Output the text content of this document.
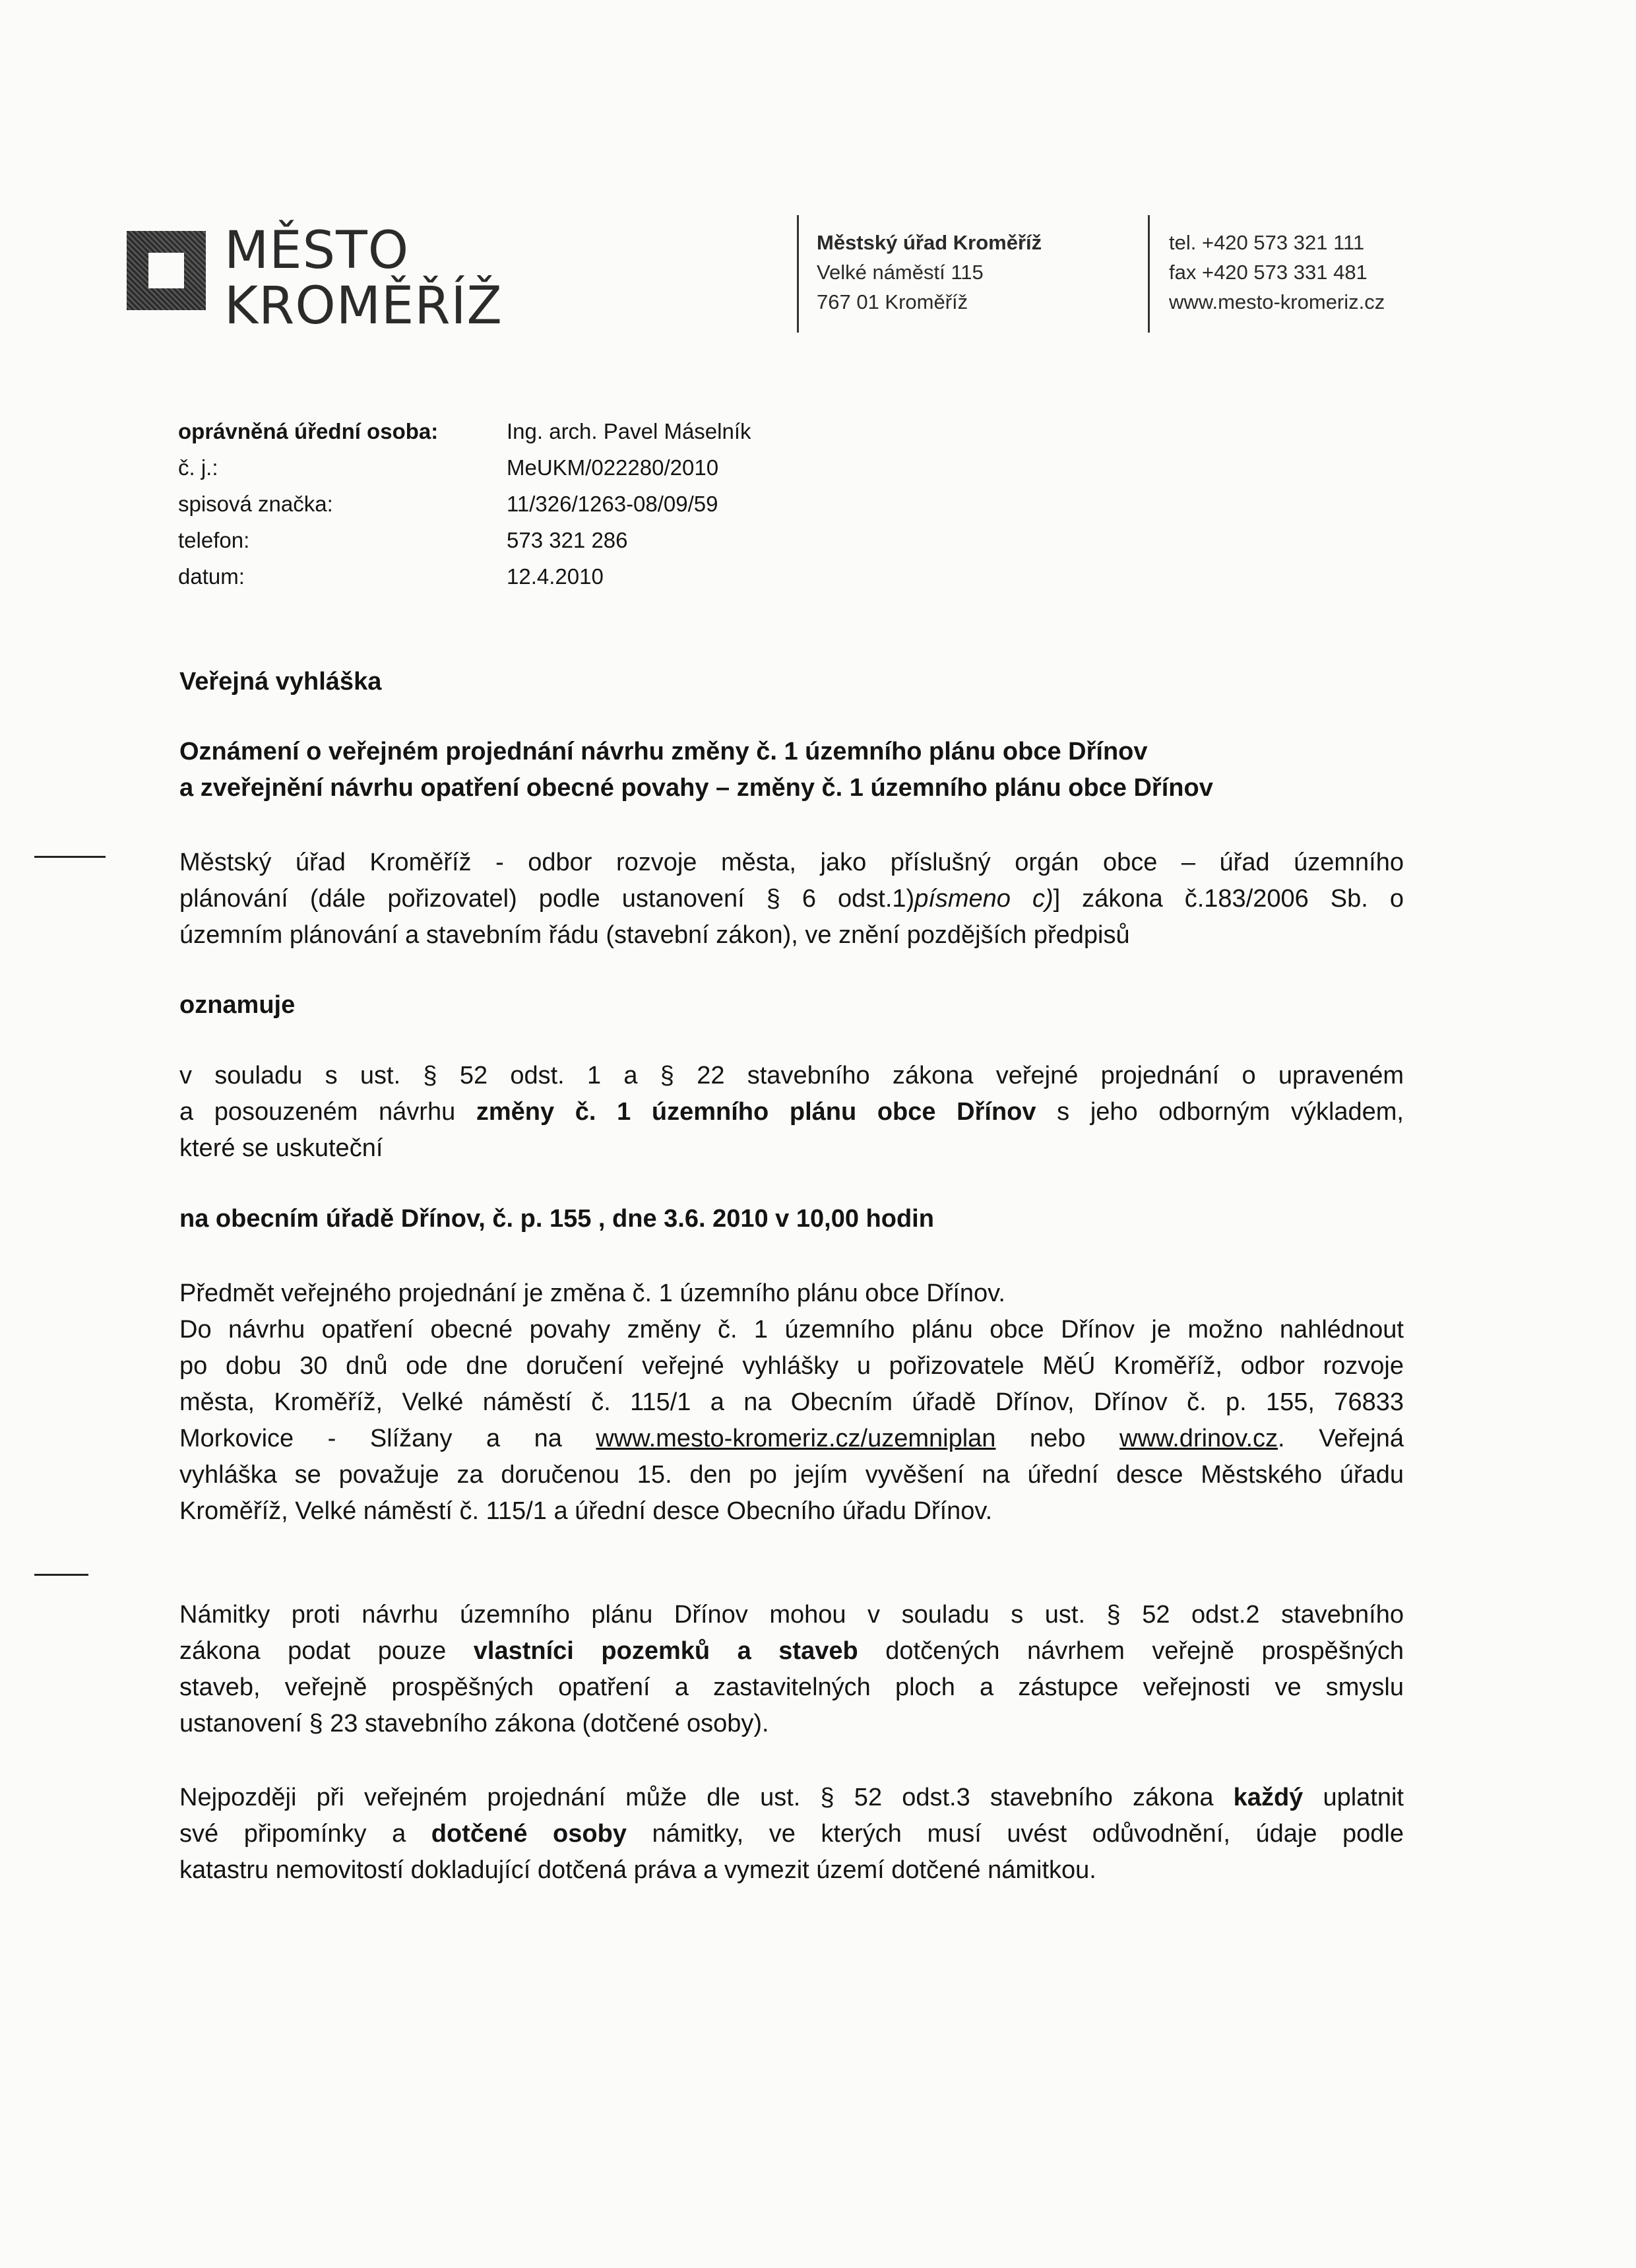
MĚSTO
KROMĚŘÍŽ
Městský úřad Kroměříž
Velké náměstí 115
767 01 Kroměříž
tel. +420 573 321 111
fax +420 573 331 481
www.mesto-kromeriz.cz
oprávněná úřední osoba:	Ing. arch. Pavel Máselník
č. j.:	MeUKM/022280/2010
spisová značka:	11/326/1263-08/09/59
telefon:	573 321 286
datum:	12.4.2010
Veřejná vyhláška
Oznámení o veřejném projednání návrhu změny č. 1 územního plánu obce Dřínov
a zveřejnění návrhu opatření obecné povahy – změny č. 1 územního plánu obce Dřínov
Městský úřad Kroměříž - odbor rozvoje města, jako příslušný orgán obce – úřad územního
plánování (dále pořizovatel) podle ustanovení § 6 odst.1)písmeno c)] zákona č.183/2006 Sb. o
územním plánování a stavebním řádu (stavební zákon), ve znění pozdějších předpisů
oznamuje
v souladu s ust. § 52 odst. 1 a § 22 stavebního zákona veřejné projednání o upraveném
a posouzeném návrhu změny č. 1 územního plánu obce Dřínov s jeho odborným výkladem,
které se uskuteční
na obecním úřadě Dřínov, č. p. 155 , dne 3.6. 2010 v 10,00 hodin
Předmět veřejného projednání je změna č. 1 územního plánu obce Dřínov.
Do návrhu opatření obecné povahy změny č. 1 územního plánu obce Dřínov je možno nahlédnout
po dobu 30 dnů ode dne doručení veřejné vyhlášky u pořizovatele MěÚ Kroměříž, odbor rozvoje
města, Kroměříž, Velké náměstí č. 115/1 a na Obecním úřadě Dřínov, Dřínov č. p. 155, 76833
Morkovice - Slížany a na www.mesto-kromeriz.cz/uzemniplan nebo www.drinov.cz. Veřejná
vyhláška se považuje za doručenou 15. den po jejím vyvěšení na úřední desce Městského úřadu
Kroměříž, Velké náměstí č. 115/1 a úřední desce Obecního úřadu Dřínov.
Námitky proti návrhu územního plánu Dřínov mohou v souladu s ust. § 52 odst.2 stavebního
zákona podat pouze vlastníci pozemků a staveb dotčených návrhem veřejně prospěšných
staveb, veřejně prospěšných opatření a zastavitelných ploch a zástupce veřejnosti ve smyslu
ustanovení § 23 stavebního zákona (dotčené osoby).
Nejpozději při veřejném projednání může dle ust. § 52 odst.3 stavebního zákona každý uplatnit
své připomínky a dotčené osoby námitky, ve kterých musí uvést odůvodnění, údaje podle
katastru nemovitostí dokladující dotčená práva a vymezit území dotčené námitkou.
